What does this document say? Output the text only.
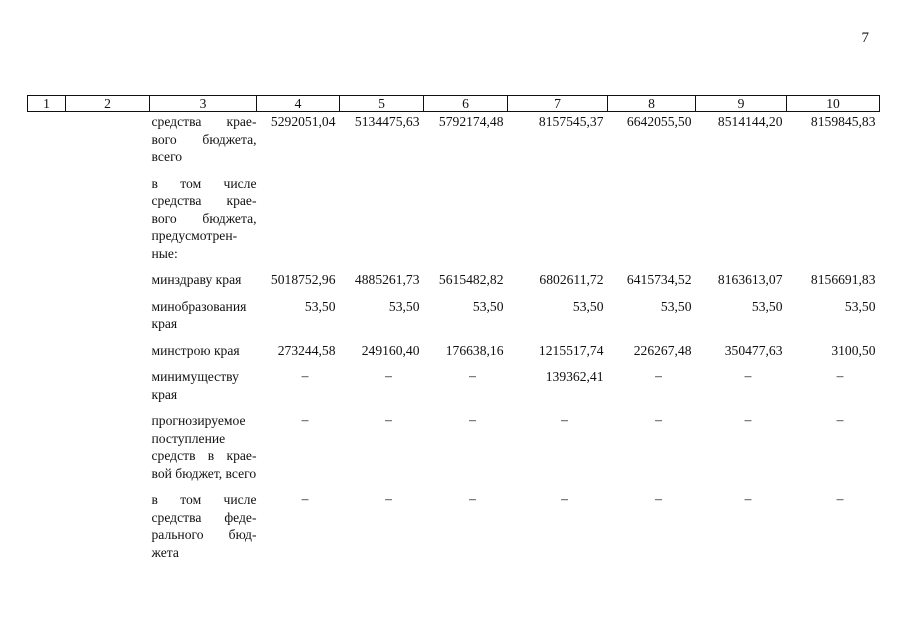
7
1	2	3	4	5	6	7	8	9	10
		средства крае-вого бюджета, всего	5292051,04	5134475,63	5792174,48	8157545,37	6642055,50	8514144,20	8159845,83

		в том числе средства крае-вого бюджета, предусмотрен-ные:							

		минздраву края	5018752,96	4885261,73	5615482,82	6802611,72	6415734,52	8163613,07	8156691,83

		минобразования края	53,50	53,50	53,50	53,50	53,50	53,50	53,50

		минстрою края	273244,58	249160,40	176638,16	1215517,74	226267,48	350477,63	3100,50

		минимуществу края	–	–	–	139362,41	–	–	–

		прогнозируемое поступление средств в крае-вой бюджет, всего	–	–	–	–	–	–	–

		в том числе средства феде-рального бюд-жета	–	–	–	–	–	–	–
